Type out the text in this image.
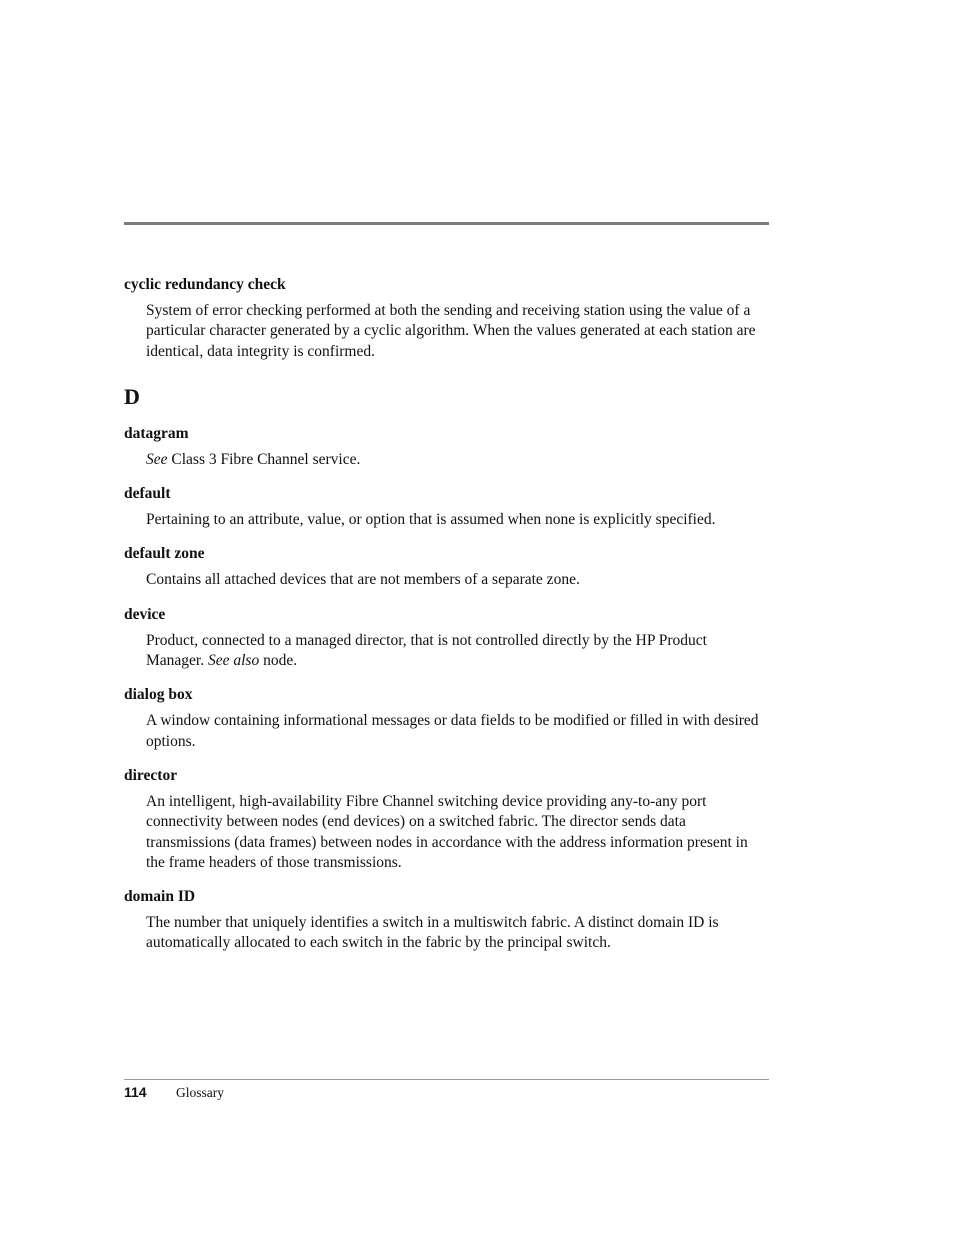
cyclic redundancy check

System of error checking performed at both the sending and receiving station using the value of a particular character generated by a cyclic algorithm. When the values generated at each station are identical, data integrity is confirmed.

D

datagram

See Class 3 Fibre Channel service.

default

Pertaining to an attribute, value, or option that is assumed when none is explicitly specified.

default zone

Contains all attached devices that are not members of a separate zone.

device

Product, connected to a managed director, that is not controlled directly by the HP Product Manager. See also node.

dialog box

A window containing informational messages or data fields to be modified or filled in with desired options.

director

An intelligent, high-availability Fibre Channel switching device providing any-to-any port connectivity between nodes (end devices) on a switched fabric. The director sends data transmissions (data frames) between nodes in accordance with the address information present in the frame headers of those transmissions.

domain ID

The number that uniquely identifies a switch in a multiswitch fabric. A distinct domain ID is automatically allocated to each switch in the fabric by the principal switch.

114 Glossary
